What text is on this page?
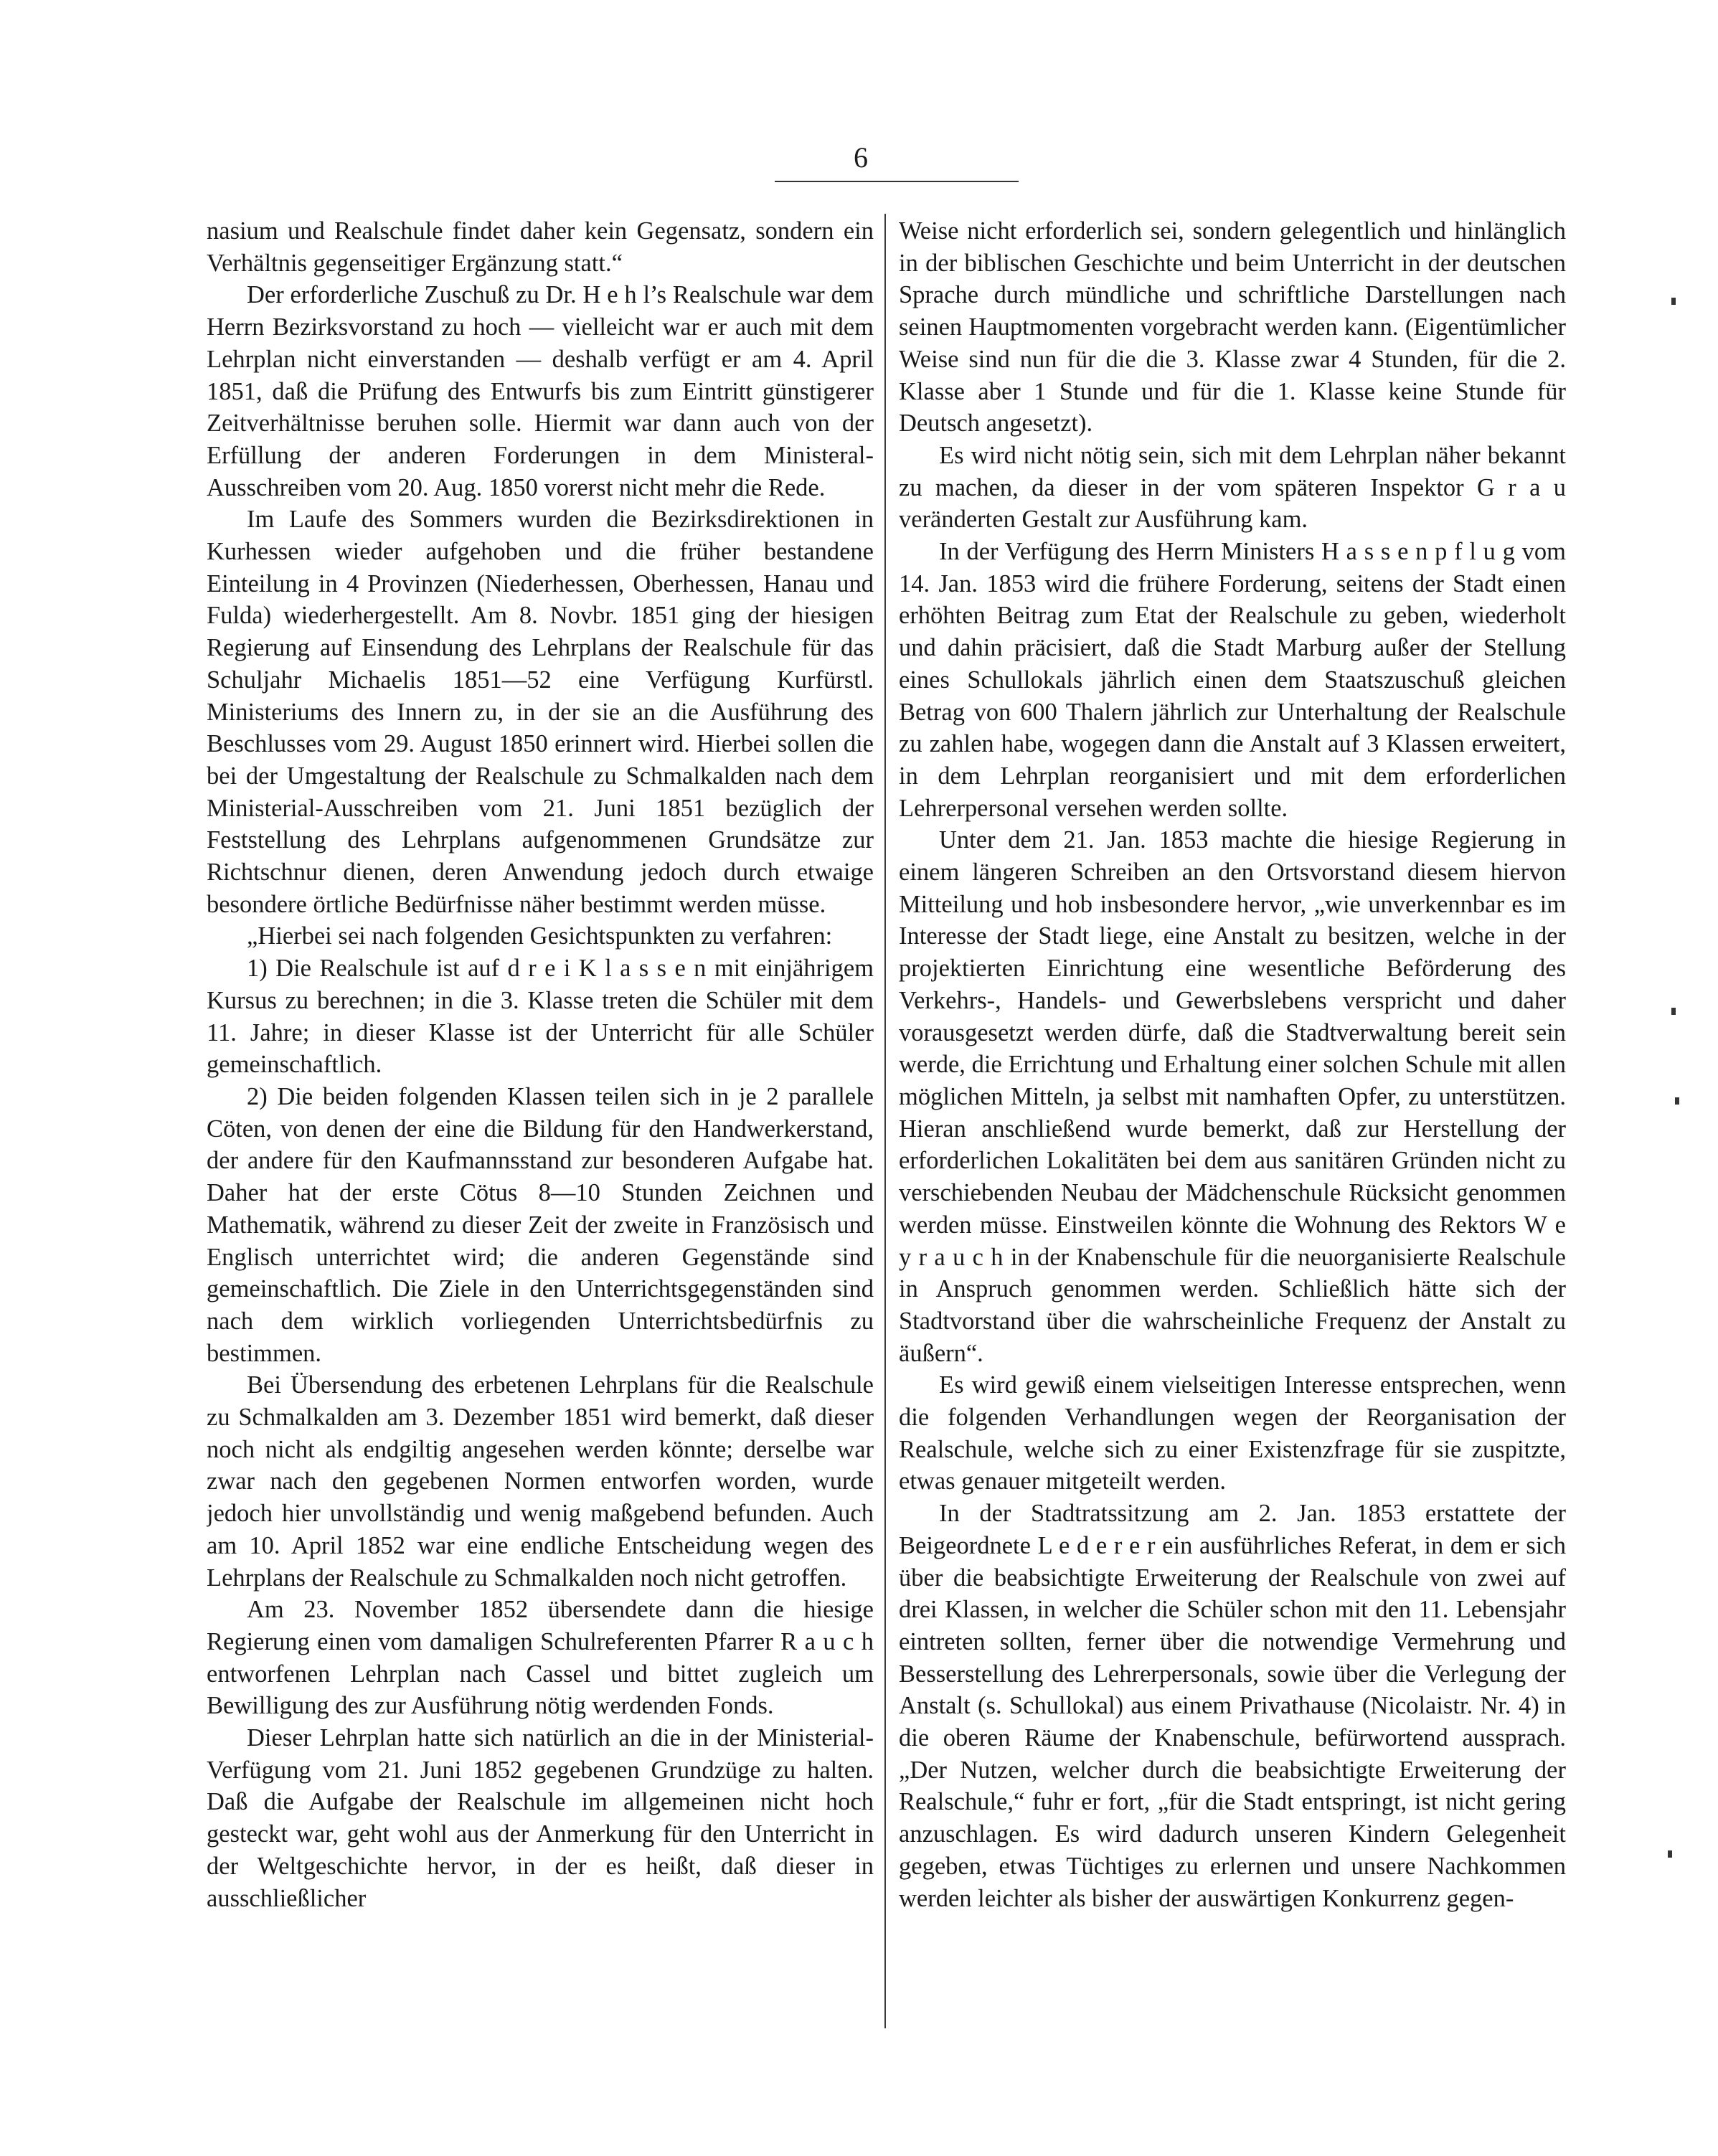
6

nasium und Realschule findet daher kein Gegensatz, sondern ein Verhältnis gegenseitiger Ergänzung statt.“

Der erforderliche Zuschuß zu Dr. H e h l’s Realschule war dem Herrn Bezirksvorstand zu hoch — vielleicht war er auch mit dem Lehrplan nicht einverstanden — deshalb verfügt er am 4. April 1851, daß die Prüfung des Entwurfs bis zum Eintritt günstigerer Zeitverhältnisse beruhen solle. Hiermit war dann auch von der Erfüllung der anderen Forderungen in dem Ministeral-Ausschreiben vom 20. Aug. 1850 vorerst nicht mehr die Rede.

Im Laufe des Sommers wurden die Bezirksdirektionen in Kurhessen wieder aufgehoben und die früher bestandene Einteilung in 4 Provinzen (Niederhessen, Oberhessen, Hanau und Fulda) wiederhergestellt. Am 8. Novbr. 1851 ging der hiesigen Regierung auf Einsendung des Lehrplans der Realschule für das Schuljahr Michaelis 1851—52 eine Verfügung Kurfürstl. Ministeriums des Innern zu, in der sie an die Ausführung des Beschlusses vom 29. August 1850 erinnert wird. Hierbei sollen die bei der Umgestaltung der Realschule zu Schmalkalden nach dem Ministerial-Ausschreiben vom 21. Juni 1851 bezüglich der Feststellung des Lehrplans aufgenommenen Grundsätze zur Richtschnur dienen, deren Anwendung jedoch durch etwaige besondere örtliche Bedürfnisse näher bestimmt werden müsse.

„Hierbei sei nach folgenden Gesichtspunkten zu verfahren:

1) Die Realschule ist auf d r e i K l a s s e n mit einjährigem Kursus zu berechnen; in die 3. Klasse treten die Schüler mit dem 11. Jahre; in dieser Klasse ist der Unterricht für alle Schüler gemeinschaftlich.

2) Die beiden folgenden Klassen teilen sich in je 2 parallele Cöten, von denen der eine die Bildung für den Handwerkerstand, der andere für den Kaufmannsstand zur besonderen Aufgabe hat. Daher hat der erste Cötus 8—10 Stunden Zeichnen und Mathematik, während zu dieser Zeit der zweite in Französisch und Englisch unterrichtet wird; die anderen Gegenstände sind gemeinschaftlich. Die Ziele in den Unterrichtsgegenständen sind nach dem wirklich vorliegenden Unterrichtsbedürfnis zu bestimmen.

Bei Übersendung des erbetenen Lehrplans für die Realschule zu Schmalkalden am 3. Dezember 1851 wird bemerkt, daß dieser noch nicht als endgiltig angesehen werden könnte; derselbe war zwar nach den gegebenen Normen entworfen worden, wurde jedoch hier unvollständig und wenig maßgebend befunden. Auch am 10. April 1852 war eine endliche Entscheidung wegen des Lehrplans der Realschule zu Schmalkalden noch nicht getroffen.

Am 23. November 1852 übersendete dann die hiesige Regierung einen vom damaligen Schulreferenten Pfarrer R a u c h entworfenen Lehrplan nach Cassel und bittet zugleich um Bewilligung des zur Ausführung nötig werdenden Fonds.

Dieser Lehrplan hatte sich natürlich an die in der Ministerial-Verfügung vom 21. Juni 1852 gegebenen Grundzüge zu halten. Daß die Aufgabe der Realschule im allgemeinen nicht hoch gesteckt war, geht wohl aus der Anmerkung für den Unterricht in der Weltgeschichte hervor, in der es heißt, daß dieser in ausschließlicher

Weise nicht erforderlich sei, sondern gelegentlich und hinlänglich in der biblischen Geschichte und beim Unterricht in der deutschen Sprache durch mündliche und schriftliche Darstellungen nach seinen Hauptmomenten vorgebracht werden kann. (Eigentümlicher Weise sind nun für die die 3. Klasse zwar 4 Stunden, für die 2. Klasse aber 1 Stunde und für die 1. Klasse keine Stunde für Deutsch angesetzt).

Es wird nicht nötig sein, sich mit dem Lehrplan näher bekannt zu machen, da dieser in der vom späteren Inspektor G r a u veränderten Gestalt zur Ausführung kam.

In der Verfügung des Herrn Ministers H a s s e n p f l u g vom 14. Jan. 1853 wird die frühere Forderung, seitens der Stadt einen erhöhten Beitrag zum Etat der Realschule zu geben, wiederholt und dahin präcisiert, daß die Stadt Marburg außer der Stellung eines Schullokals jährlich einen dem Staatszuschuß gleichen Betrag von 600 Thalern jährlich zur Unterhaltung der Realschule zu zahlen habe, wogegen dann die Anstalt auf 3 Klassen erweitert, in dem Lehrplan reorganisiert und mit dem erforderlichen Lehrerpersonal versehen werden sollte.

Unter dem 21. Jan. 1853 machte die hiesige Regierung in einem längeren Schreiben an den Ortsvorstand diesem hiervon Mitteilung und hob insbesondere hervor, „wie unverkennbar es im Interesse der Stadt liege, eine Anstalt zu besitzen, welche in der projektierten Einrichtung eine wesentliche Beförderung des Verkehrs-, Handels- und Gewerbslebens verspricht und daher vorausgesetzt werden dürfe, daß die Stadtverwaltung bereit sein werde, die Errichtung und Erhaltung einer solchen Schule mit allen möglichen Mitteln, ja selbst mit namhaften Opfer, zu unterstützen. Hieran anschließend wurde bemerkt, daß zur Herstellung der erforderlichen Lokalitäten bei dem aus sanitären Gründen nicht zu verschiebenden Neubau der Mädchenschule Rücksicht genommen werden müsse. Einstweilen könnte die Wohnung des Rektors W e y r a u c h in der Knabenschule für die neuorganisierte Realschule in Anspruch genommen werden. Schließlich hätte sich der Stadtvorstand über die wahrscheinliche Frequenz der Anstalt zu äußern“.

Es wird gewiß einem vielseitigen Interesse entsprechen, wenn die folgenden Verhandlungen wegen der Reorganisation der Realschule, welche sich zu einer Existenzfrage für sie zuspitzte, etwas genauer mitgeteilt werden.

In der Stadtratssitzung am 2. Jan. 1853 erstattete der Beigeordnete L e d e r e r ein ausführliches Referat, in dem er sich über die beabsichtigte Erweiterung der Realschule von zwei auf drei Klassen, in welcher die Schüler schon mit den 11. Lebensjahr eintreten sollten, ferner über die notwendige Vermehrung und Besserstellung des Lehrerpersonals, sowie über die Verlegung der Anstalt (s. Schullokal) aus einem Privathause (Nicolaistr. Nr. 4) in die oberen Räume der Knabenschule, befürwortend aussprach. „Der Nutzen, welcher durch die beabsichtigte Erweiterung der Realschule,“ fuhr er fort, „für die Stadt entspringt, ist nicht gering anzuschlagen. Es wird dadurch unseren Kindern Gelegenheit gegeben, etwas Tüchtiges zu erlernen und unsere Nachkommen werden leichter als bisher der auswärtigen Konkurrenz gegen-
